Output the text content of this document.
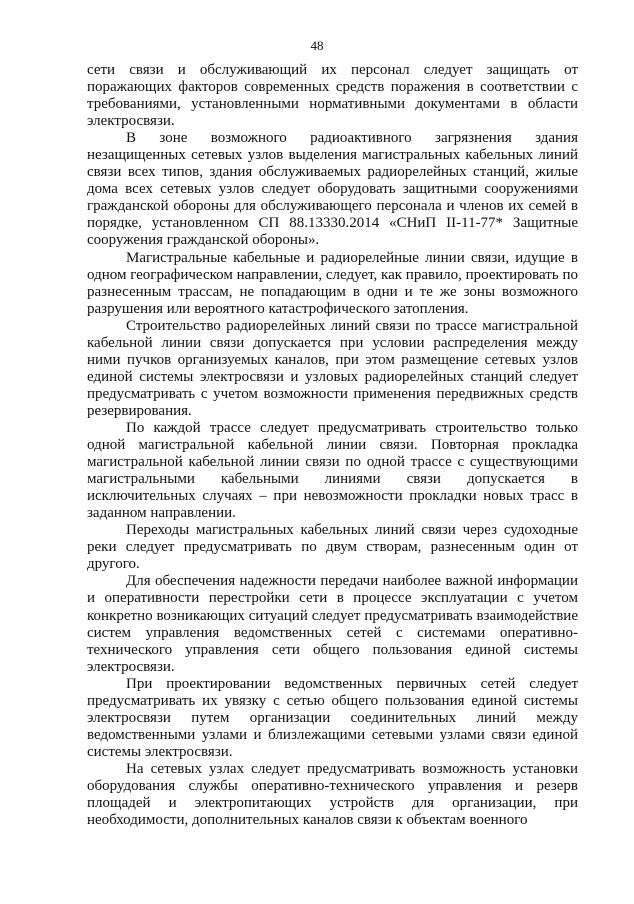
48

сети связи и обслуживающий их персонал следует защищать от поражающих факторов современных средств поражения в соответствии с требованиями, установленными нормативными документами в области электросвязи.

В зоне возможного радиоактивного загрязнения здания незащищенных сетевых узлов выделения магистральных кабельных линий связи всех типов, здания обслуживаемых радиорелейных станций, жилые дома всех сетевых узлов следует оборудовать защитными сооружениями гражданской обороны для обслуживающего персонала и членов их семей в порядке, установленном СП 88.13330.2014 «СНиП II-11-77* Защитные сооружения гражданской обороны».

Магистральные кабельные и радиорелейные линии связи, идущие в одном географическом направлении, следует, как правило, проектировать по разнесенным трассам, не попадающим в одни и те же зоны возможного разрушения или вероятного катастрофического затопления.

Строительство радиорелейных линий связи по трассе магистральной кабельной линии связи допускается при условии распределения между ними пучков организуемых каналов, при этом размещение сетевых узлов единой системы электросвязи и узловых радиорелейных станций следует предусматривать с учетом возможности применения передвижных средств резервирования.

По каждой трассе следует предусматривать строительство только одной магистральной кабельной линии связи. Повторная прокладка магистральной кабельной линии связи по одной трассе с существующими магистральными кабельными линиями связи допускается в исключительных случаях – при невозможности прокладки новых трасс в заданном направлении.

Переходы магистральных кабельных линий связи через судоходные реки следует предусматривать по двум створам, разнесенным один от другого.

Для обеспечения надежности передачи наиболее важной информации и оперативности перестройки сети в процессе эксплуатации с учетом конкретно возникающих ситуаций следует предусматривать взаимодействие систем управления ведомственных сетей с системами оперативно-технического управления сети общего пользования единой системы электросвязи.

При проектировании ведомственных первичных сетей следует предусматривать их увязку с сетью общего пользования единой системы электросвязи путем организации соединительных линий между ведомственными узлами и близлежащими сетевыми узлами связи единой системы электросвязи.

На сетевых узлах следует предусматривать возможность установки оборудования службы оперативно-технического управления и резерв площадей и электропитающих устройств для организации, при необходимости, дополнительных каналов связи к объектам военного
